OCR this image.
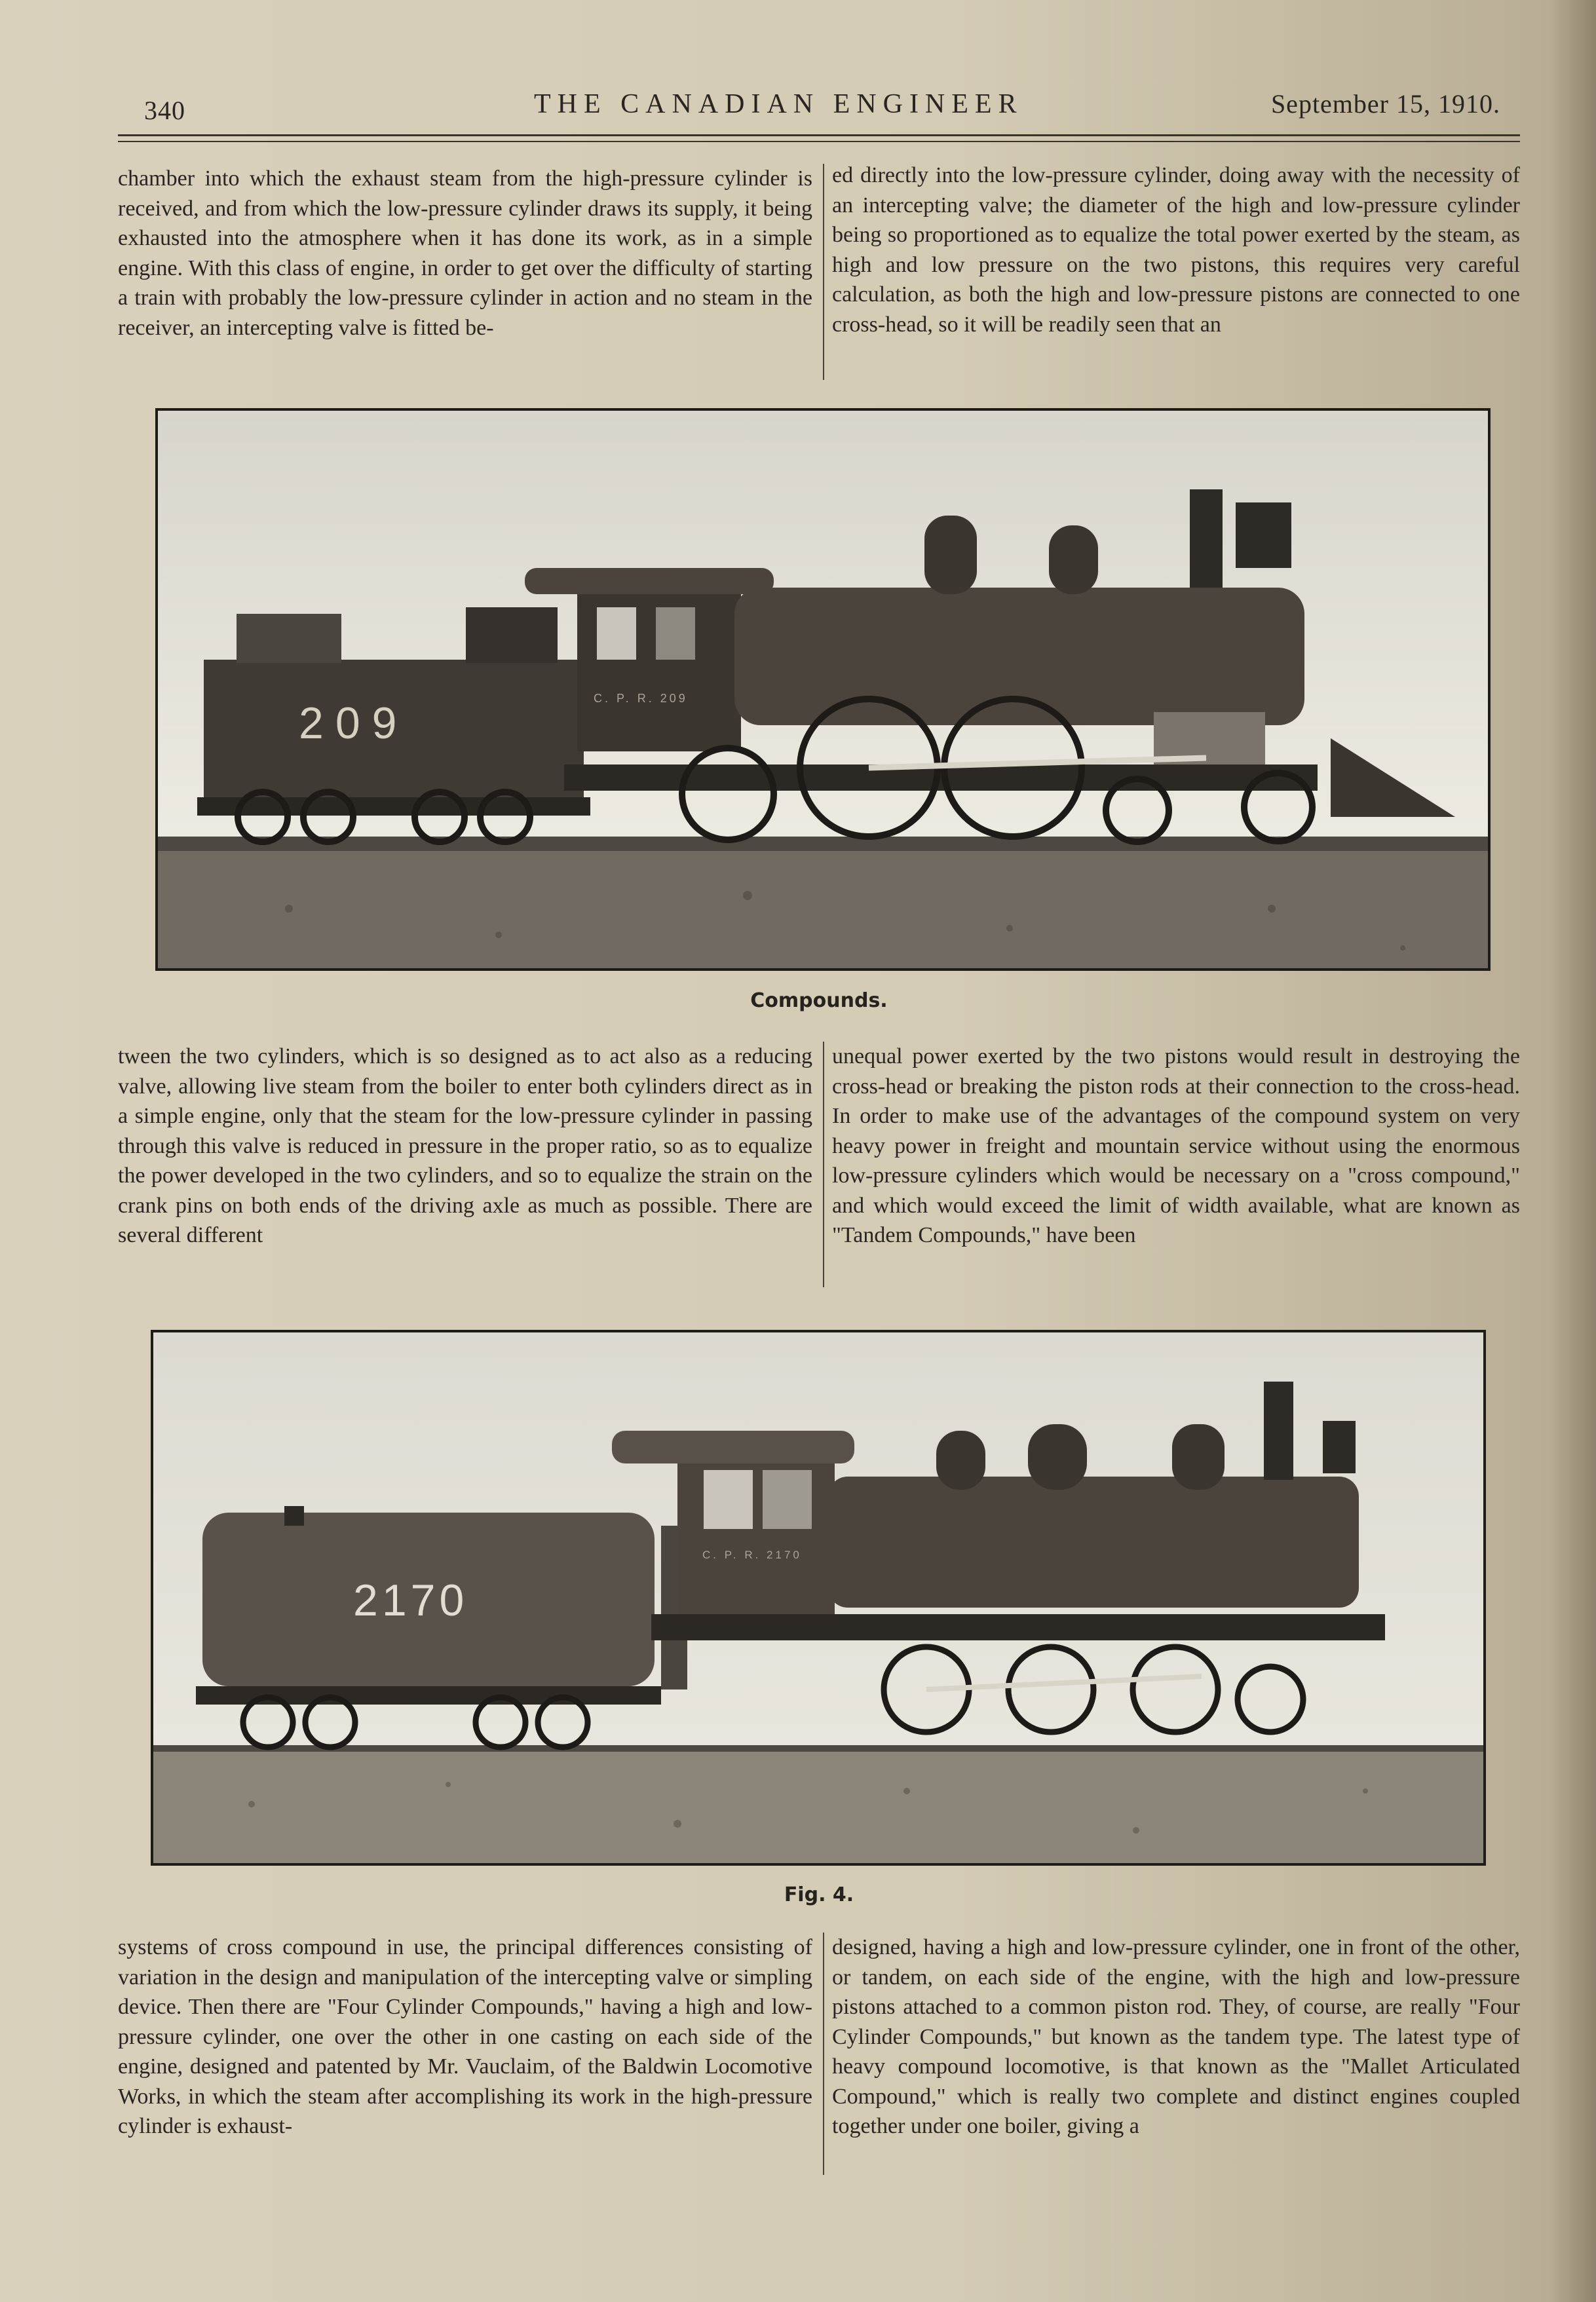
340	THE CANADIAN ENGINEER	September 15, 1910.
chamber into which the exhaust steam from the high-pressure cylinder is received, and from which the low-pressure cylinder draws its supply, it being exhausted into the atmosphere when it has done its work, as in a simple engine. With this class of engine, in order to get over the difficulty of starting a train with probably the low-pressure cylinder in action and no steam in the receiver, an intercepting valve is fitted be-
ed directly into the low-pressure cylinder, doing away with the necessity of an intercepting valve; the diameter of the high and low-pressure cylinder being so proportioned as to equalize the total power exerted by the steam, as high and low pressure on the two pistons, this requires very careful calculation, as both the high and low-pressure pistons are connected to one cross-head, so it will be readily seen that an
209	C. P. R. 209
Compounds.
tween the two cylinders, which is so designed as to act also as a reducing valve, allowing live steam from the boiler to enter both cylinders direct as in a simple engine, only that the steam for the low-pressure cylinder in passing through this valve is reduced in pressure in the proper ratio, so as to equalize the power developed in the two cylinders, and so to equalize the strain on the crank pins on both ends of the driving axle as much as possible. There are several different
unequal power exerted by the two pistons would result in destroying the cross-head or breaking the piston rods at their connection to the cross-head. In order to make use of the advantages of the compound system on very heavy power in freight and mountain service without using the enormous low-pressure cylinders which would be necessary on a "cross compound," and which would exceed the limit of width available, what are known as "Tandem Compounds," have been
2170
C. P. R. 2170
Fig. 4.
systems of cross compound in use, the principal differences consisting of variation in the design and manipulation of the intercepting valve or simpling device. Then there are "Four Cylinder Compounds," having a high and low-pressure cylinder, one over the other in one casting on each side of the engine, designed and patented by Mr. Vauclaim, of the Baldwin Locomotive Works, in which the steam after accomplishing its work in the high-pressure cylinder is exhaust-
designed, having a high and low-pressure cylinder, one in front of the other, or tandem, on each side of the engine, with the high and low-pressure pistons attached to a common piston rod. They, of course, are really "Four Cylinder Compounds," but known as the tandem type. The latest type of heavy compound locomotive, is that known as the "Mallet Articulated Compound," which is really two complete and distinct engines coupled together under one boiler, giving a
